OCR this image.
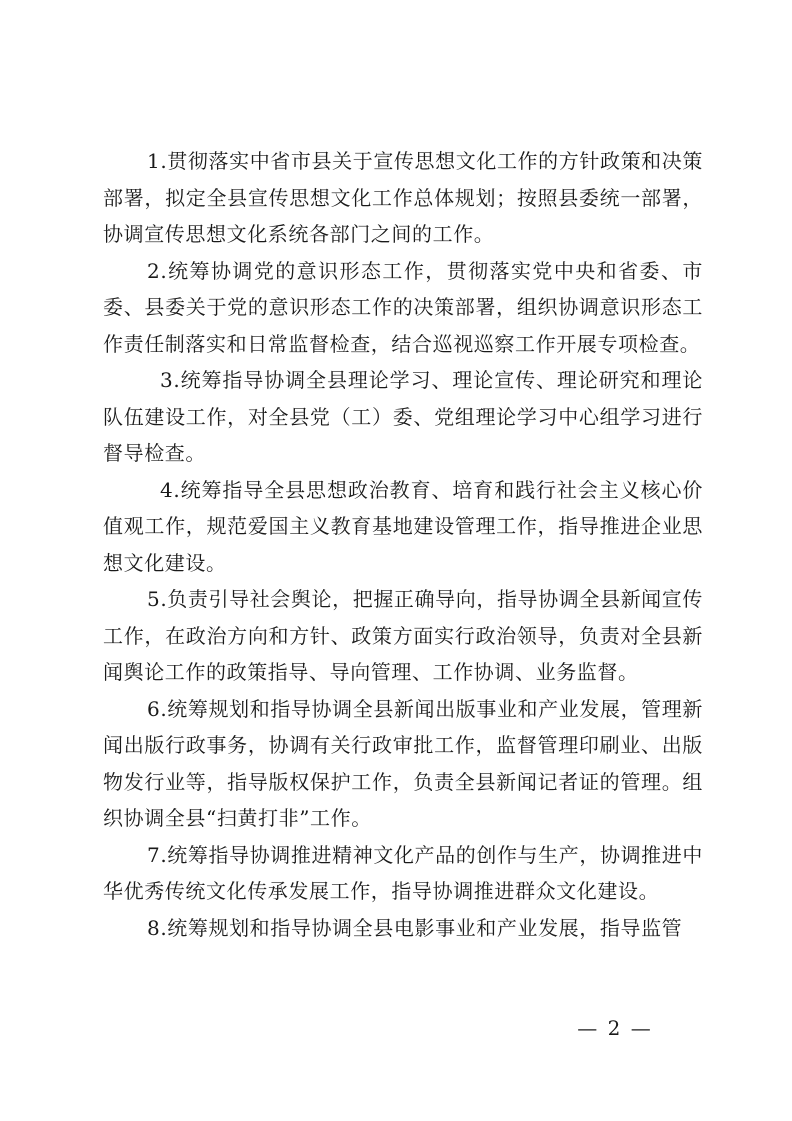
1.贯彻落实中省市县关于宣传思想文化工作的方针政策和决策部署，拟定全县宣传思想文化工作总体规划；按照县委统一部署，协调宣传思想文化系统各部门之间的工作。

2.统筹协调党的意识形态工作，贯彻落实党中央和省委、市委、县委关于党的意识形态工作的决策部署，组织协调意识形态工作责任制落实和日常监督检查，结合巡视巡察工作开展专项检查。

3.统筹指导协调全县理论学习、理论宣传、理论研究和理论队伍建设工作，对全县党（工）委、党组理论学习中心组学习进行督导检查。

4.统筹指导全县思想政治教育、培育和践行社会主义核心价值观工作，规范爱国主义教育基地建设管理工作，指导推进企业思想文化建设。

5.负责引导社会舆论，把握正确导向，指导协调全县新闻宣传工作，在政治方向和方针、政策方面实行政治领导，负责对全县新闻舆论工作的政策指导、导向管理、工作协调、业务监督。

6.统筹规划和指导协调全县新闻出版事业和产业发展，管理新闻出版行政事务，协调有关行政审批工作，监督管理印刷业、出版物发行业等，指导版权保护工作，负责全县新闻记者证的管理。组织协调全县“扫黄打非”工作。

7.统筹指导协调推进精神文化产品的创作与生产，协调推进中华优秀传统文化传承发展工作，指导协调推进群众文化建设。

8.统筹规划和指导协调全县电影事业和产业发展，指导监管

— 2 —
